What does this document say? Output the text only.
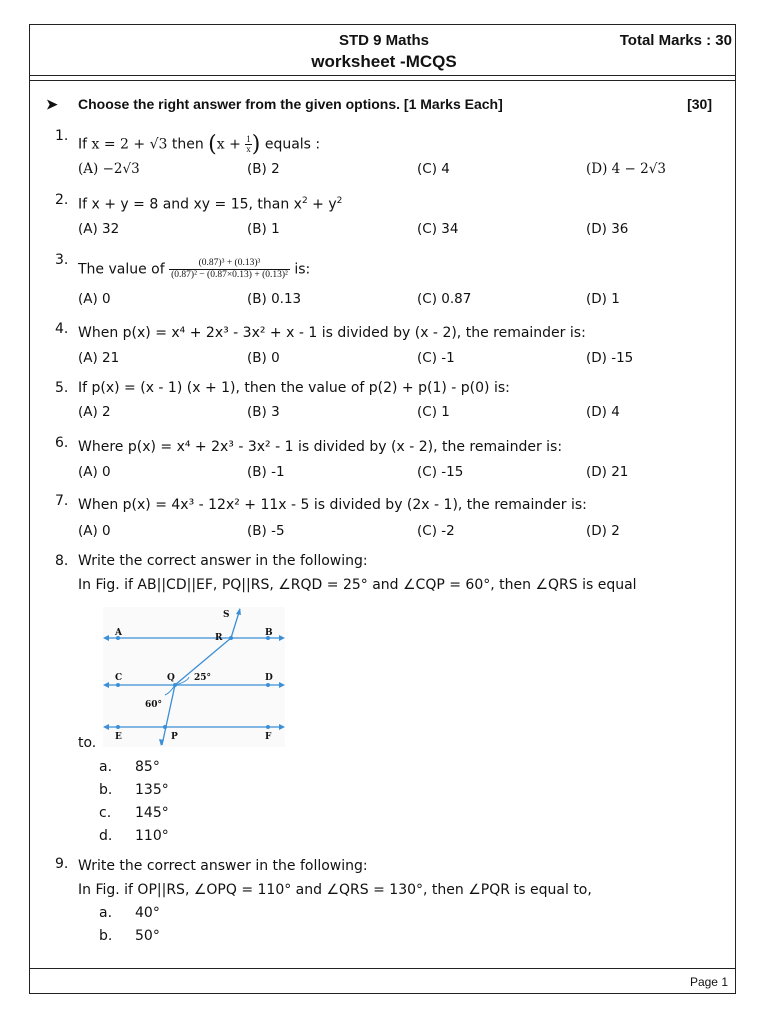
STD 9 Maths
worksheet -MCQS
Total Marks : 30
➤ Choose the right answer from the given options. [1 Marks Each]	[30]
1.
If x = 2 + √3 then $(x + \frac{1}{x})$ equals :
(A) −2√3	(B) 2	(C) 4	(D) 4 − 2√3
2. If x + y = 8 and xy = 15, than $x^2 + y^2$
(A) 32	(B) 1	(C) 34	(D) 36
3.
The value of $\frac{\text{(0.87)³ + (0.13)³}}{\text{(0.87)² − (0.87×0.13) + (0.13)²}}$ is:
(A) 0	(B) 0.13	(C) 0.87	(D) 1
4. When p(x) = x⁴ + 2x³ - 3x² + x - 1 is divided by (x - 2), the remainder is:
(A) 21	(B) 0	(C) -1	(D) -15
5. If p(x) = (x - 1) (x + 1), then the value of p(2) + p(1) - p(0) is:
(A) 2	(B) 3	(C) 1	(D) 4
6. Where p(x) = x⁴ + 2x³ - 3x² - 1 is divided by (x - 2), the remainder is:
(A) 0	(B) -1	(C) -15	(D) 21
7. When p(x) = 4x³ - 12x² + 11x - 5 is divided by (2x - 1), the remainder is:
(A) 0	(B) -5	(C) -2	(D) 2
8. Write the correct answer in the following:
In Fig. if AB||CD||EF, PQ||RS, ∠RQD = 25° and ∠CQP = 60°, then ∠QRS is equal
to.
S
A	R	B
C	Q 25°	D
60°
E	P	F
a. 85°
b. 135°
c. 145°
d. 110°
9. Write the correct answer in the following:
In Fig. if OP||RS, ∠OPQ = 110° and ∠QRS = 130°, then ∠PQR is equal to,
a. 40°
b. 50°
Page 1
